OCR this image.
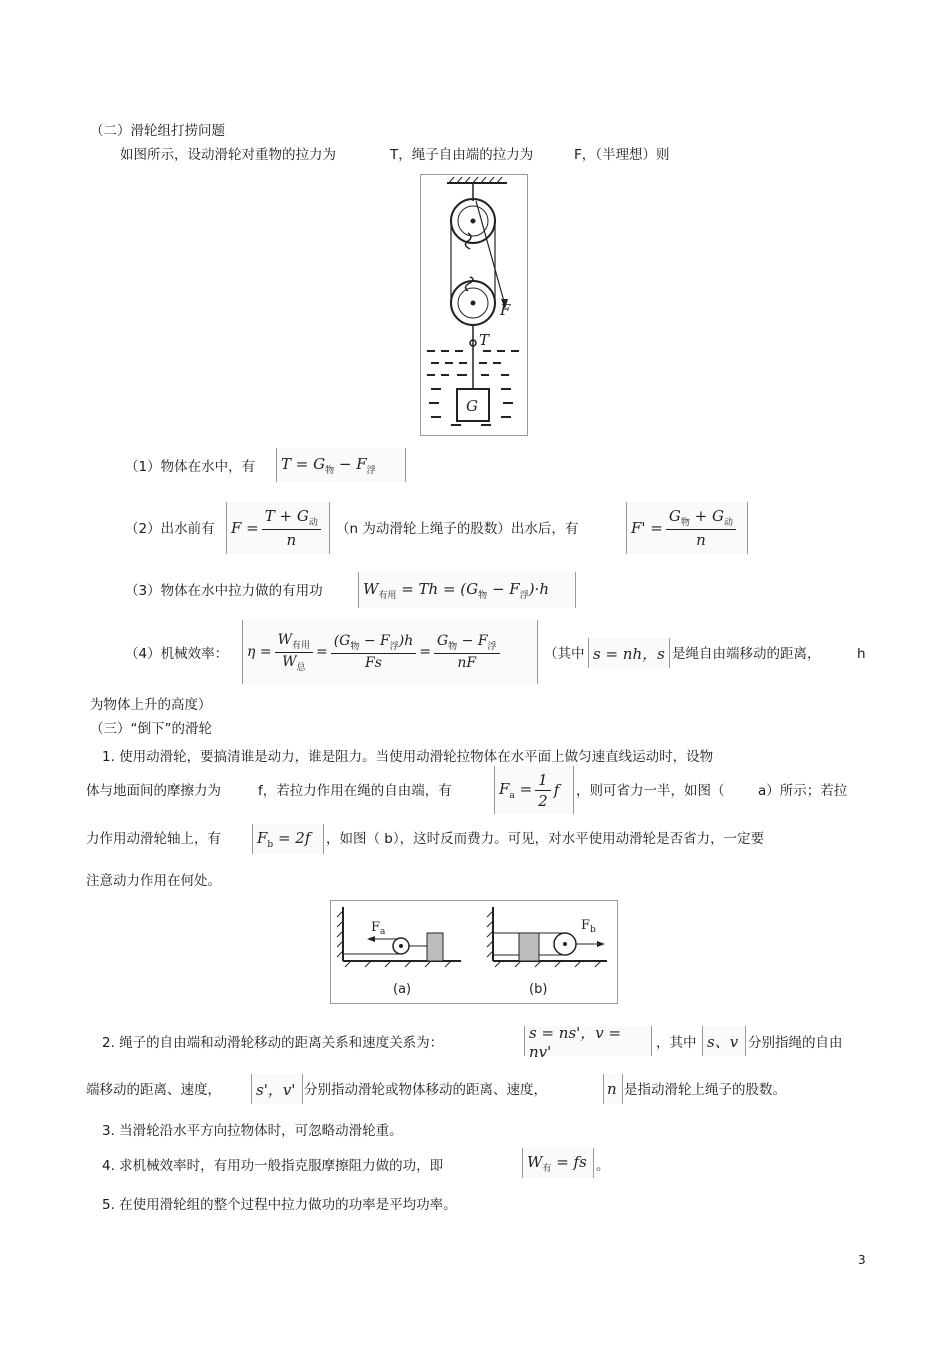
（二）滑轮组打捞问题
如图所示，设动滑轮对重物的拉力为	T，绳子自由端的拉力为	F，（半理想）则
F
T
G
（1）物体在水中，有 $T = G_物 - F_浮$
（2）出水前有 $F = \frac{T + G_动}{n} (n$ 为动滑轮上绳子的股数）出水后，有	$F' = \frac{G_物 + G_动}{n}$
（3）物体在水中拉力做的有用功	$W_{有用} = Th = (G_物 - F_浮)\cdot h$
（4）机械效率： $\eta = \frac{W_{有用}}{W_总} = \frac{(G_物 - F_浮)h}{Fs} = \frac{G_物 - F_浮}{nF}$	（其中 s = nh，s 是绳自由端移动的距离，	h
为物体上升的高度）
（三）“倒下”的滑轮
1. 使用动滑轮，要搞清谁是动力，谁是阻力。当使用动滑轮拉物体在水平面上做匀速直线运动时，设物
体与地面间的摩擦力为	f，若拉力作用在绳的自由端，有	$F_a = \frac{1}{2}$ f ，则可省力一半，如图（ a）所示；若拉
力作用动滑轮轴上，有 $F_b = 2f$ ，如图（ b），这时反而费力。可见，对水平使用动滑轮是否省力，一定要
注意动力作用在何处。
$F_a$
(a)
$F_b$
(b)
2. 绳子的自由端和动滑轮移动的距离关系和速度关系为：
s = ns'，v = nv'	，其中 s、v 分别指绳的自由
端移动的距离、速度， s'，v' 分别指动滑轮或物体移动的距离、速度，	n 是指动滑轮上绳子的股数。
3. 当滑轮沿水平方向拉物体时，可忽略动滑轮重。
4. 求机械效率时，有用功一般指克服摩擦阻力做的功，即	$W_有$ = fs 。
5. 在使用滑轮组的整个过程中拉力做功的功率是平均功率。
3
